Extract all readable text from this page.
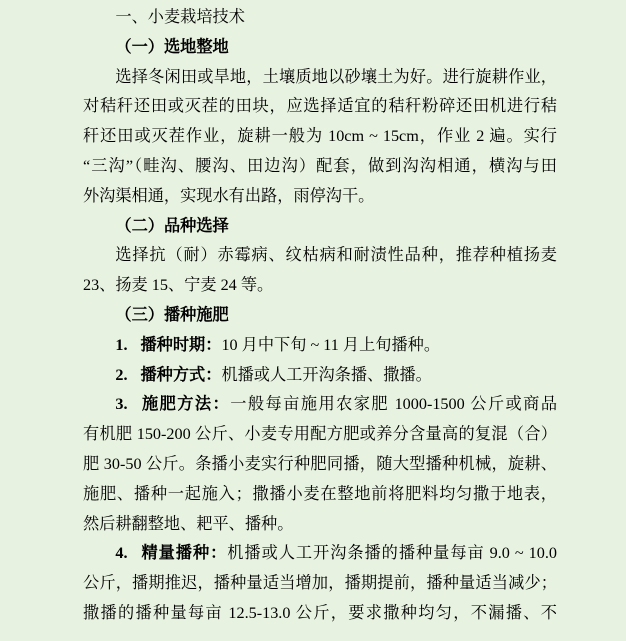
一、小麦栽培技术
（一）选地整地
选择冬闲田或旱地，土壤质地以砂壤土为好。进行旋耕作业，
对秸秆还田或灭茬的田块，应选择适宜的秸秆粉碎还田机进行秸
秆还田或灭茬作业，旋耕一般为 10cm ~ 15cm，作业 2 遍。实行
“三沟”（畦沟、腰沟、田边沟）配套，做到沟沟相通，横沟与田
外沟渠相通，实现水有出路，雨停沟干。
（二）品种选择
选择抗（耐）赤霉病、纹枯病和耐渍性品种，推荐种植扬麦
23、扬麦 15、宁麦 24 等。
（三）播种施肥
1. 播种时期：10 月中下旬 ~ 11 月上旬播种。
2. 播种方式：机播或人工开沟条播、撒播。
3. 施肥方法：一般每亩施用农家肥 1000-1500 公斤或商品
有机肥 150-200 公斤、小麦专用配方肥或养分含量高的复混（合）
肥 30-50 公斤。条播小麦实行种肥同播，随大型播种机械，旋耕、
施肥、播种一起施入；撒播小麦在整地前将肥料均匀撒于地表，
然后耕翻整地、耙平、播种。
4. 精量播种：机播或人工开沟条播的播种量每亩 9.0 ~ 10.0
公斤，播期推迟，播种量适当增加，播期提前，播种量适当减少；
撒播的播种量每亩 12.5-13.0 公斤，要求撒种均匀，不漏播、不
